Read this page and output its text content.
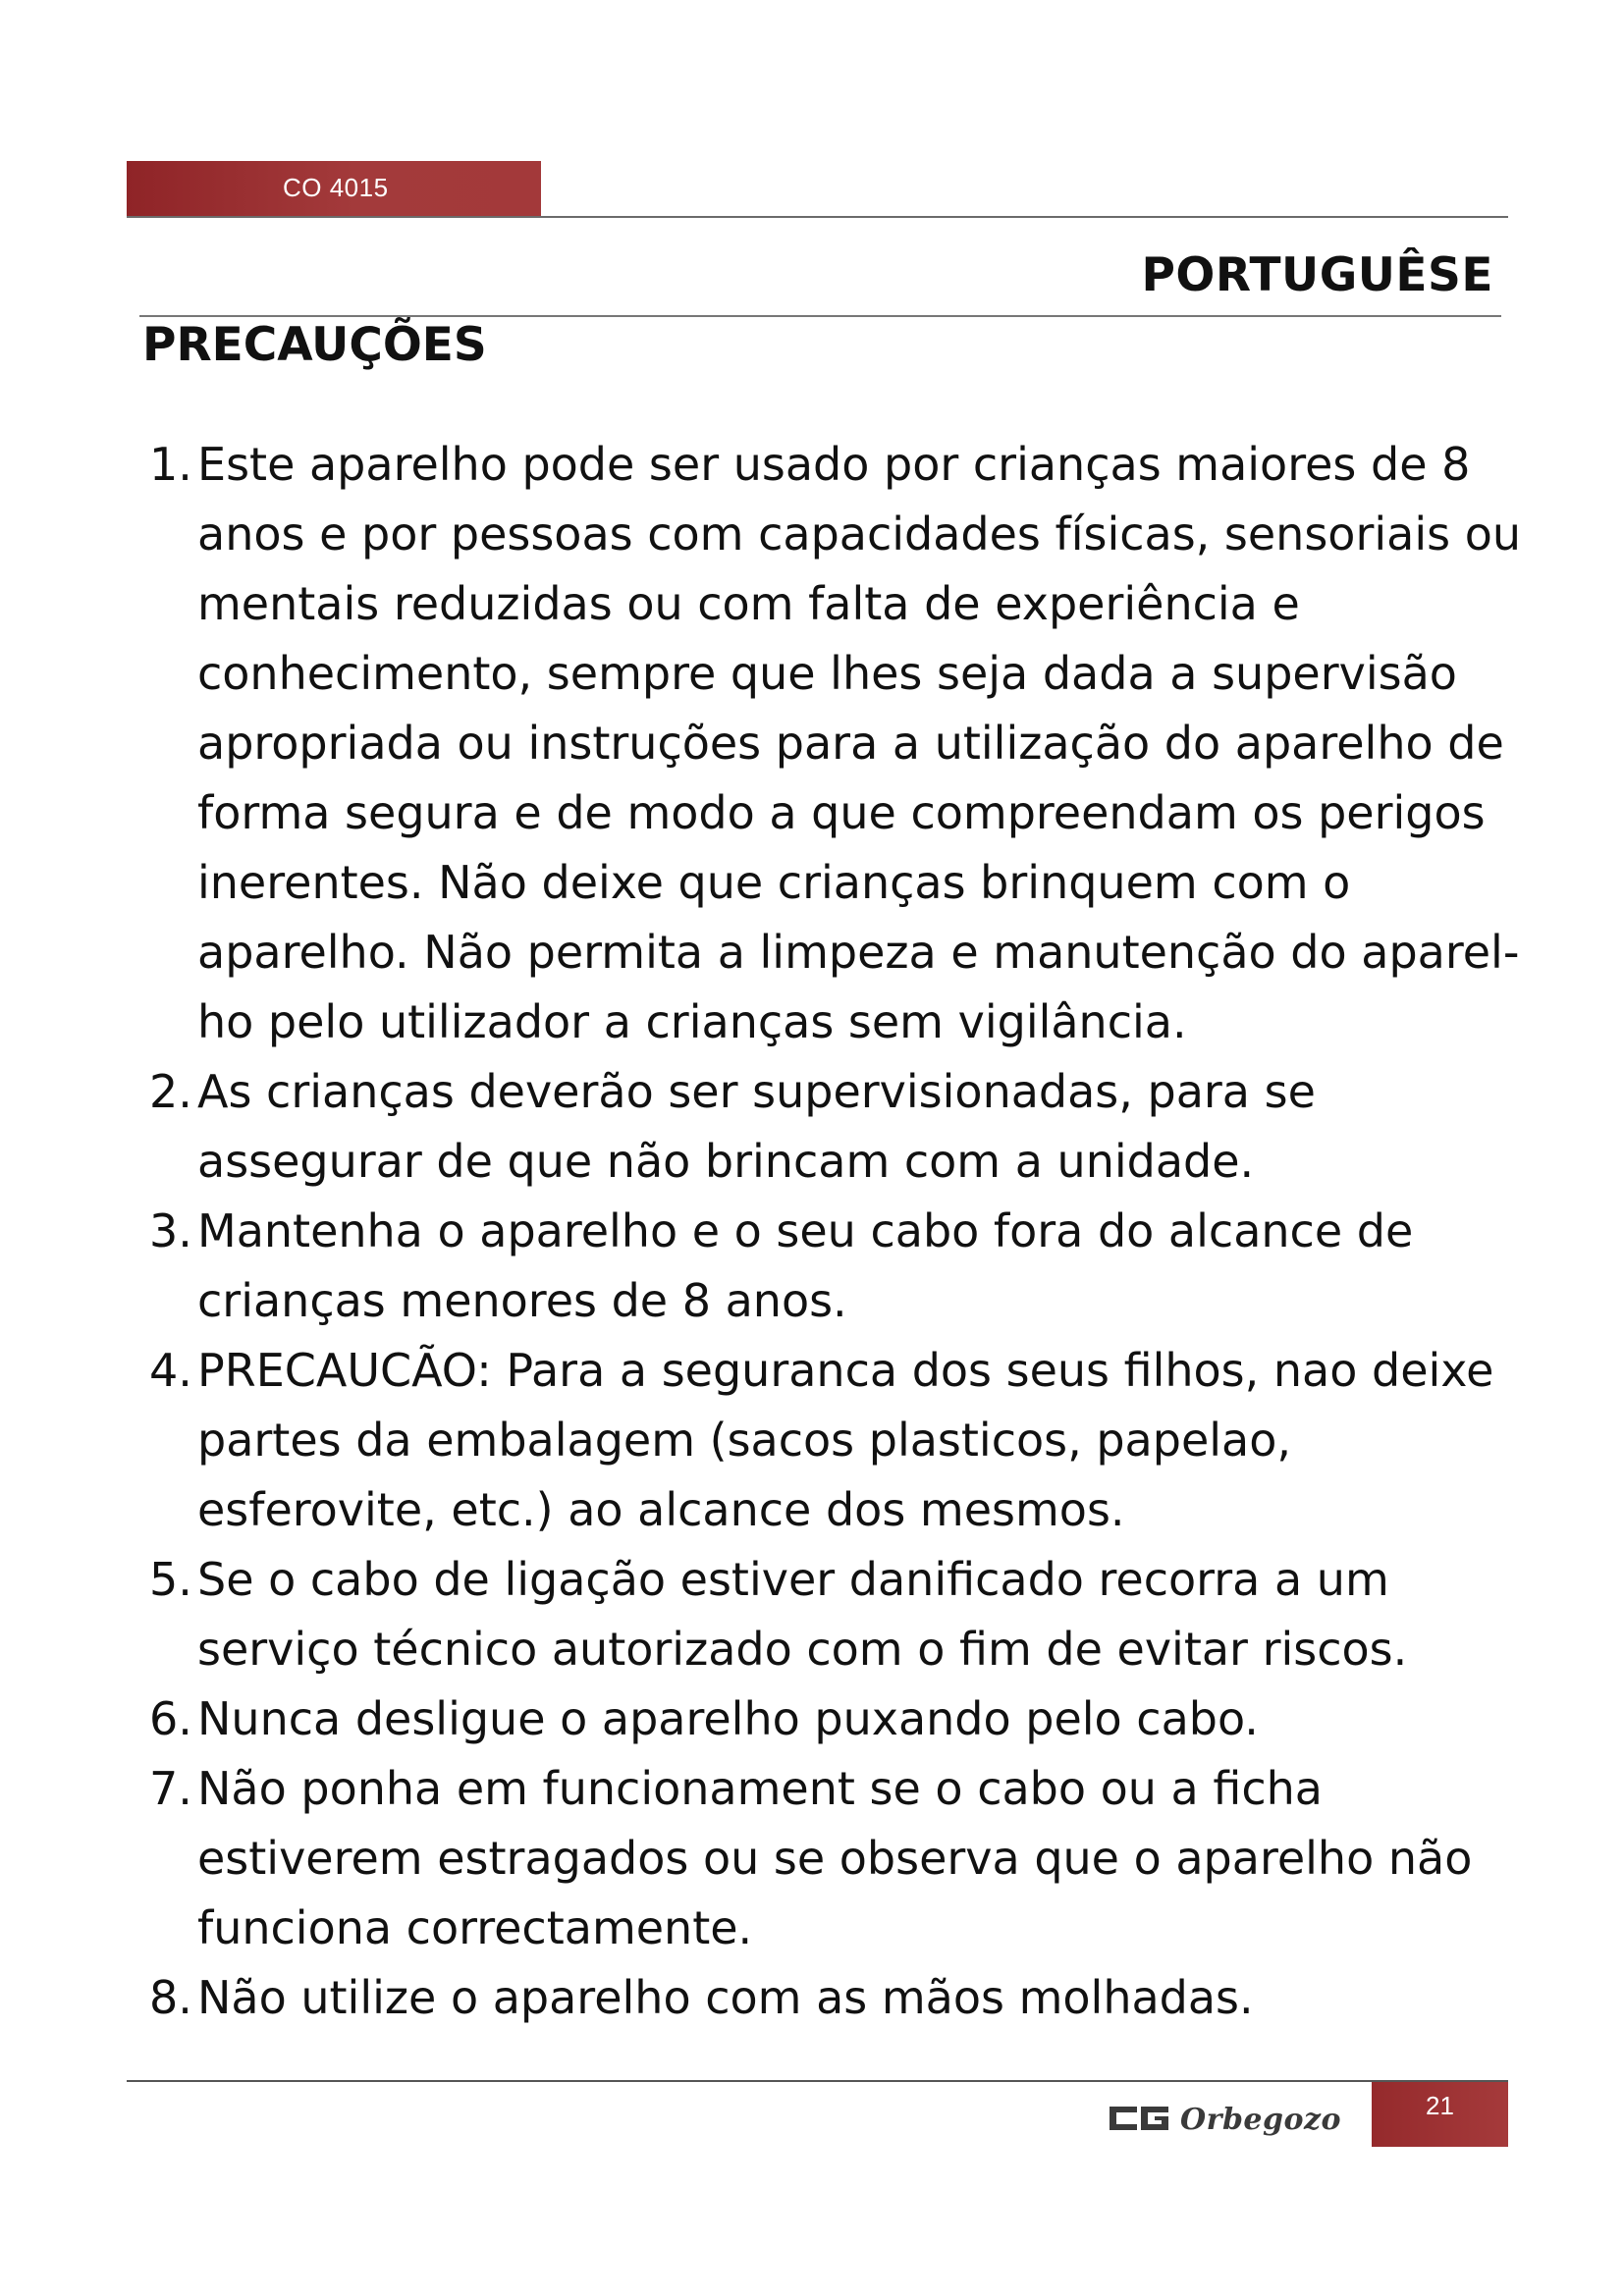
CO 4015
PORTUGUÊSE
PRECAUÇÕES
1. Este aparelho pode ser usado por crianças maiores de 8 anos e por pessoas com capacidades físicas, sensoriais ou mentais reduzidas ou com falta de experiência e conhecimento, sempre que lhes seja dada a supervisão apropriada ou instruções para a utilização do aparelho de forma segura e de modo a que compreendam os perigos inerentes. Não deixe que crianças brinquem com o aparelho. Não permita a limpeza e manutenção do aparel-ho pelo utilizador a crianças sem vigilância.
2. As crianças deverão ser supervisionadas, para se assegurar de que não brincam com a unidade.
3. Mantenha o aparelho e o seu cabo fora do alcance de crianças menores de 8 anos.
4. PRECAUCÃO: Para a seguranca dos seus filhos, nao deixe partes da embalagem (sacos plasticos, papelao, esferovite, etc.) ao alcance dos mesmos.
5. Se o cabo de ligação estiver danificado recorra a um serviço técnico autorizado com o fim de evitar riscos.
6. Nunca desligue o aparelho puxando pelo cabo.
7. Não ponha em funcionament se o cabo ou a ficha estiverem estragados ou se observa que o aparelho não funciona correctamente.
8. Não utilize o aparelho com as mãos molhadas.
Orbegozo	21
